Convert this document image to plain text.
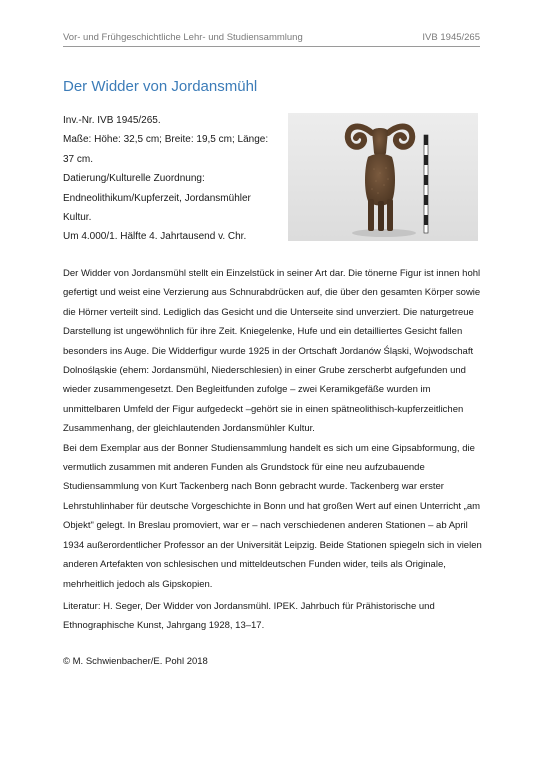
Vor- und Frühgeschichtliche Lehr- und Studiensammlung	IVB 1945/265
Der Widder von Jordansmühl
Inv.-Nr. IVB 1945/265.
Maße: Höhe: 32,5 cm; Breite: 19,5 cm; Länge:
37 cm.
Datierung/Kulturelle Zuordnung:
Endneolithikum/Kupferzeit, Jordansmühler
Kultur.
Um 4.000/1. Hälfte 4. Jahrtausend v. Chr.

Der Widder von Jordansmühl stellt ein Einzelstück in seiner Art dar. Die tönerne Figur ist innen hohl

gefertigt und weist eine Verzierung aus Schnurabdrücken auf, die über den gesamten Körper sowie

die Hörner verteilt sind. Lediglich das Gesicht und die Unterseite sind unverziert. Die naturgetreue

Darstellung ist ungewöhnlich für ihre Zeit. Kniegelenke, Hufe und ein detailliertes Gesicht fallen

besonders ins Auge. Die Widderfigur wurde 1925 in der Ortschaft Jordanów Śląski, Wojwodschaft

Dolnośląskie (ehem: Jordansmühl, Niederschlesien) in einer Grube zerscherbt aufgefunden und

wieder zusammengesetzt. Den Begleitfunden zufolge – zwei Keramikgefäße wurden im

unmittelbaren Umfeld der Figur aufgedeckt –gehört sie in einen spätneolithisch-kupferzeitlichen

Zusammenhang, der gleichlautenden Jordansmühler Kultur.

Bei dem Exemplar aus der Bonner Studiensammlung handelt es sich um eine Gipsabformung, die

vermutlich zusammen mit anderen Funden als Grundstock für eine neu aufzubauende

Studiensammlung von Kurt Tackenberg nach Bonn gebracht wurde. Tackenberg war erster

Lehrstuhlinhaber für deutsche Vorgeschichte in Bonn und hat großen Wert auf einen Unterricht „am

Objekt" gelegt. In Breslau promoviert, war er – nach verschiedenen anderen Stationen – ab April

1934 außerordentlicher Professor an der Universität Leipzig. Beide Stationen spiegeln sich in vielen

anderen Artefakten von schlesischen und mitteldeutschen Funden wider, teils als Originale,

mehrheitlich jedoch als Gipskopien.

Literatur: H. Seger, Der Widder von Jordansmühl. IPEK. Jahrbuch für Prähistorische und

Ethnographische Kunst, Jahrgang 1928, 13–17.

© M. Schwienbacher/E. Pohl 2018
